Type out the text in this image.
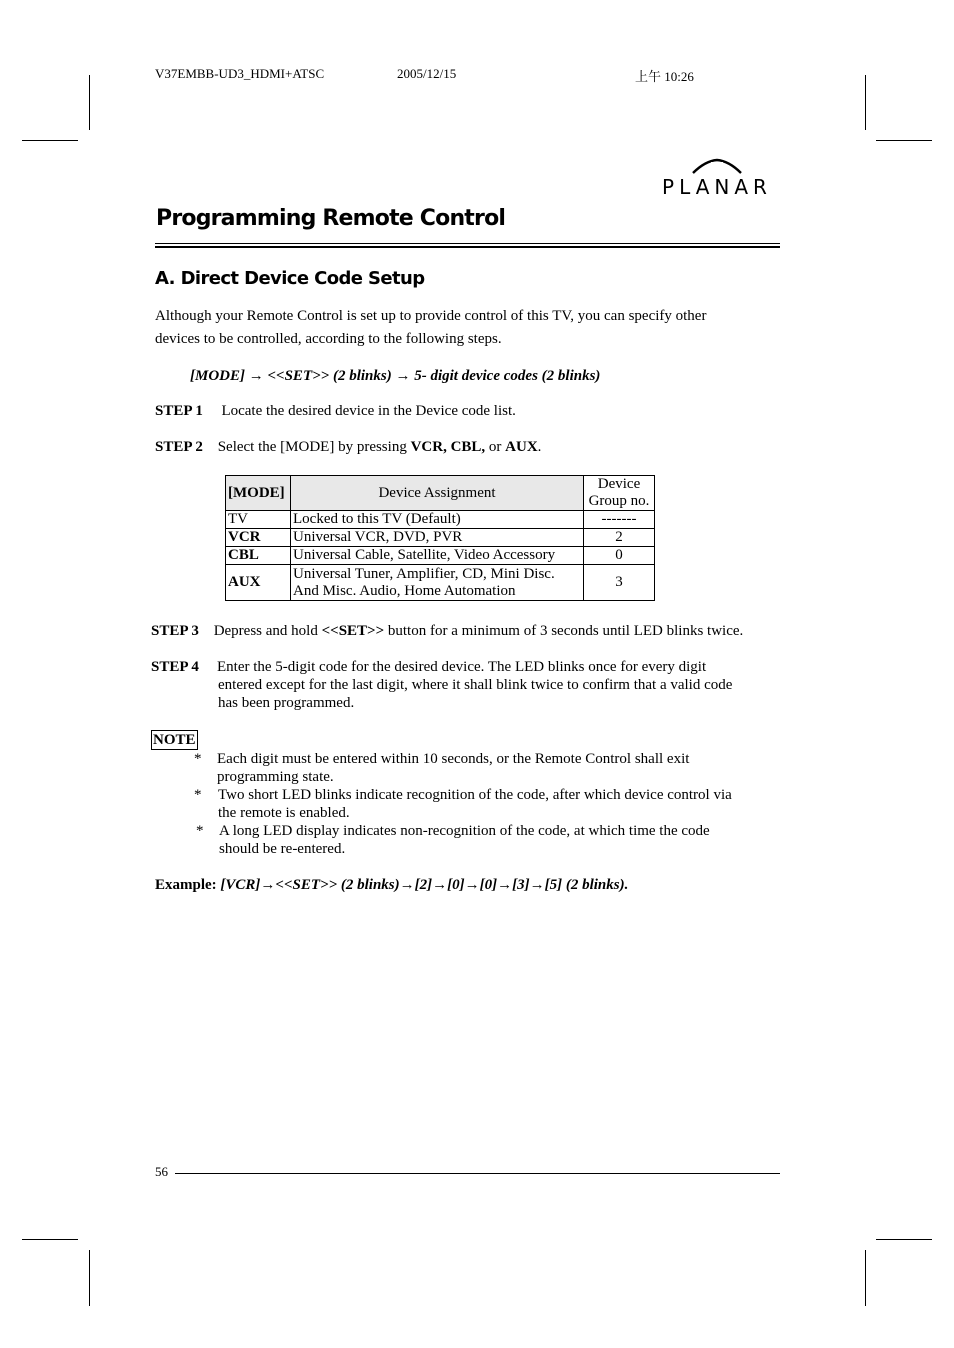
V37EMBB-UD3_HDMI+ATSC	2005/12/15	上午 10:26
PLANAR
Programming Remote Control
A. Direct Device Code Setup
Although your Remote Control is set up to provide control of this TV, you can specify other
devices to be controlled, according to the following steps.
[MODE] → <<SET>> (2 blinks) → 5- digit device codes (2 blinks)
STEP 1 Locate the desired device in the Device code list.
STEP 2 Select the [MODE] by pressing VCR, CBL, or AUX.
[MODE]	Device Assignment	Device
Group no.

TV	Locked to this TV (Default)	-------
VCR	Universal VCR, DVD, PVR	2
CBL	Universal Cable, Satellite, Video Accessory	0
AUX	Universal Tuner, Amplifier, CD, Mini Disc.
And Misc. Audio, Home Automation	3
STEP 3 Depress and hold <<SET>> button for a minimum of 3 seconds until LED blinks twice.
STEP 4 Enter the 5-digit code for the desired device. The LED blinks once for every digit
entered except for the last digit, where it shall blink twice to confirm that a valid code
has been programmed.
NOTE
* Each digit must be entered within 10 seconds, or the Remote Control shall exit
programming state.
* Two short LED blinks indicate recognition of the code, after which device control via
the remote is enabled.
* A long LED display indicates non-recognition of the code, at which time the code
should be re-entered.
Example: [VCR]→<<SET>> (2 blinks)→[2]→[0]→[0]→[3]→[5] (2 blinks).
56
